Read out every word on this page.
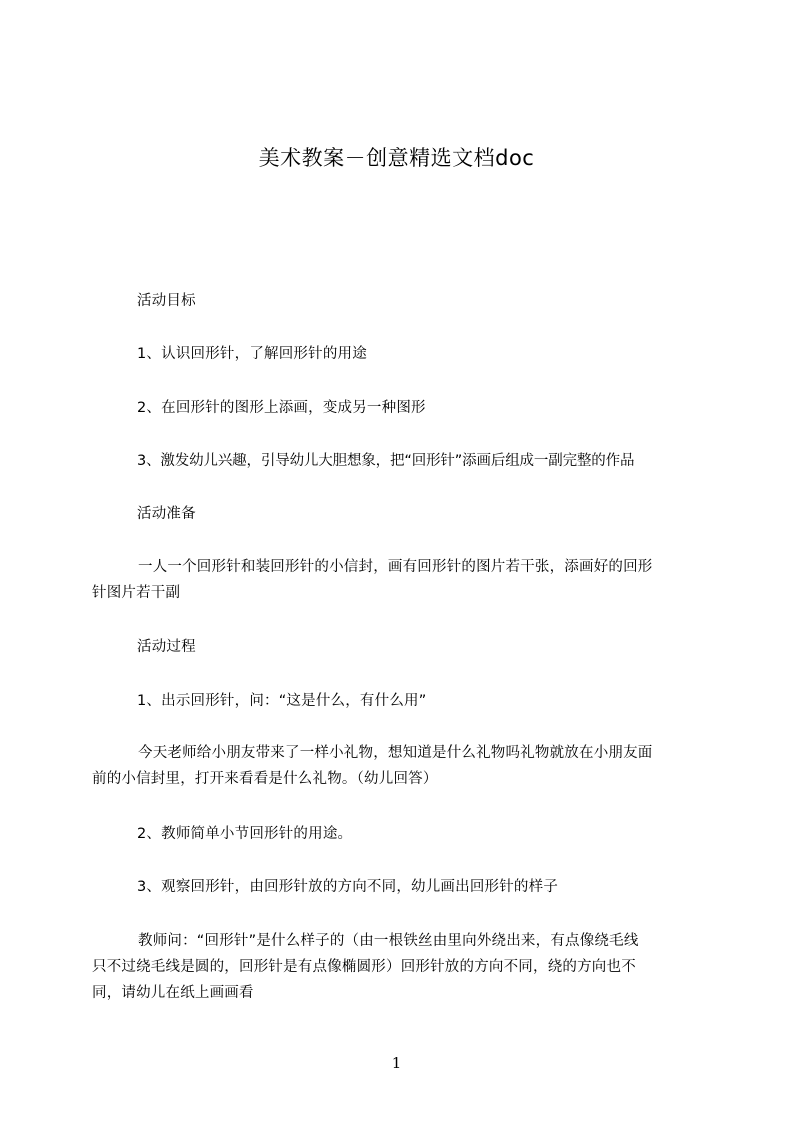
美术教案－创意精选文档doc
活动目标
1、认识回形针，了解回形针的用途
2、在回形针的图形上添画，变成另一种图形
3、激发幼儿兴趣，引导幼儿大胆想象，把“回形针”添画后组成一副完整的作品
活动准备
一人一个回形针和装回形针的小信封，画有回形针的图片若干张，添画好的回形
针图片若干副
活动过程
1、出示回形针，问：“这是什么，有什么用”
今天老师给小朋友带来了一样小礼物，想知道是什么礼物吗礼物就放在小朋友面
前的小信封里，打开来看看是什么礼物。（幼儿回答）
2、教师简单小节回形针的用途。
3、观察回形针，由回形针放的方向不同，幼儿画出回形针的样子
教师问：“回形针”是什么样子的（由一根铁丝由里向外绕出来，有点像绕毛线
只不过绕毛线是圆的，回形针是有点像椭圆形）回形针放的方向不同，绕的方向也不
同，请幼儿在纸上画画看
1
